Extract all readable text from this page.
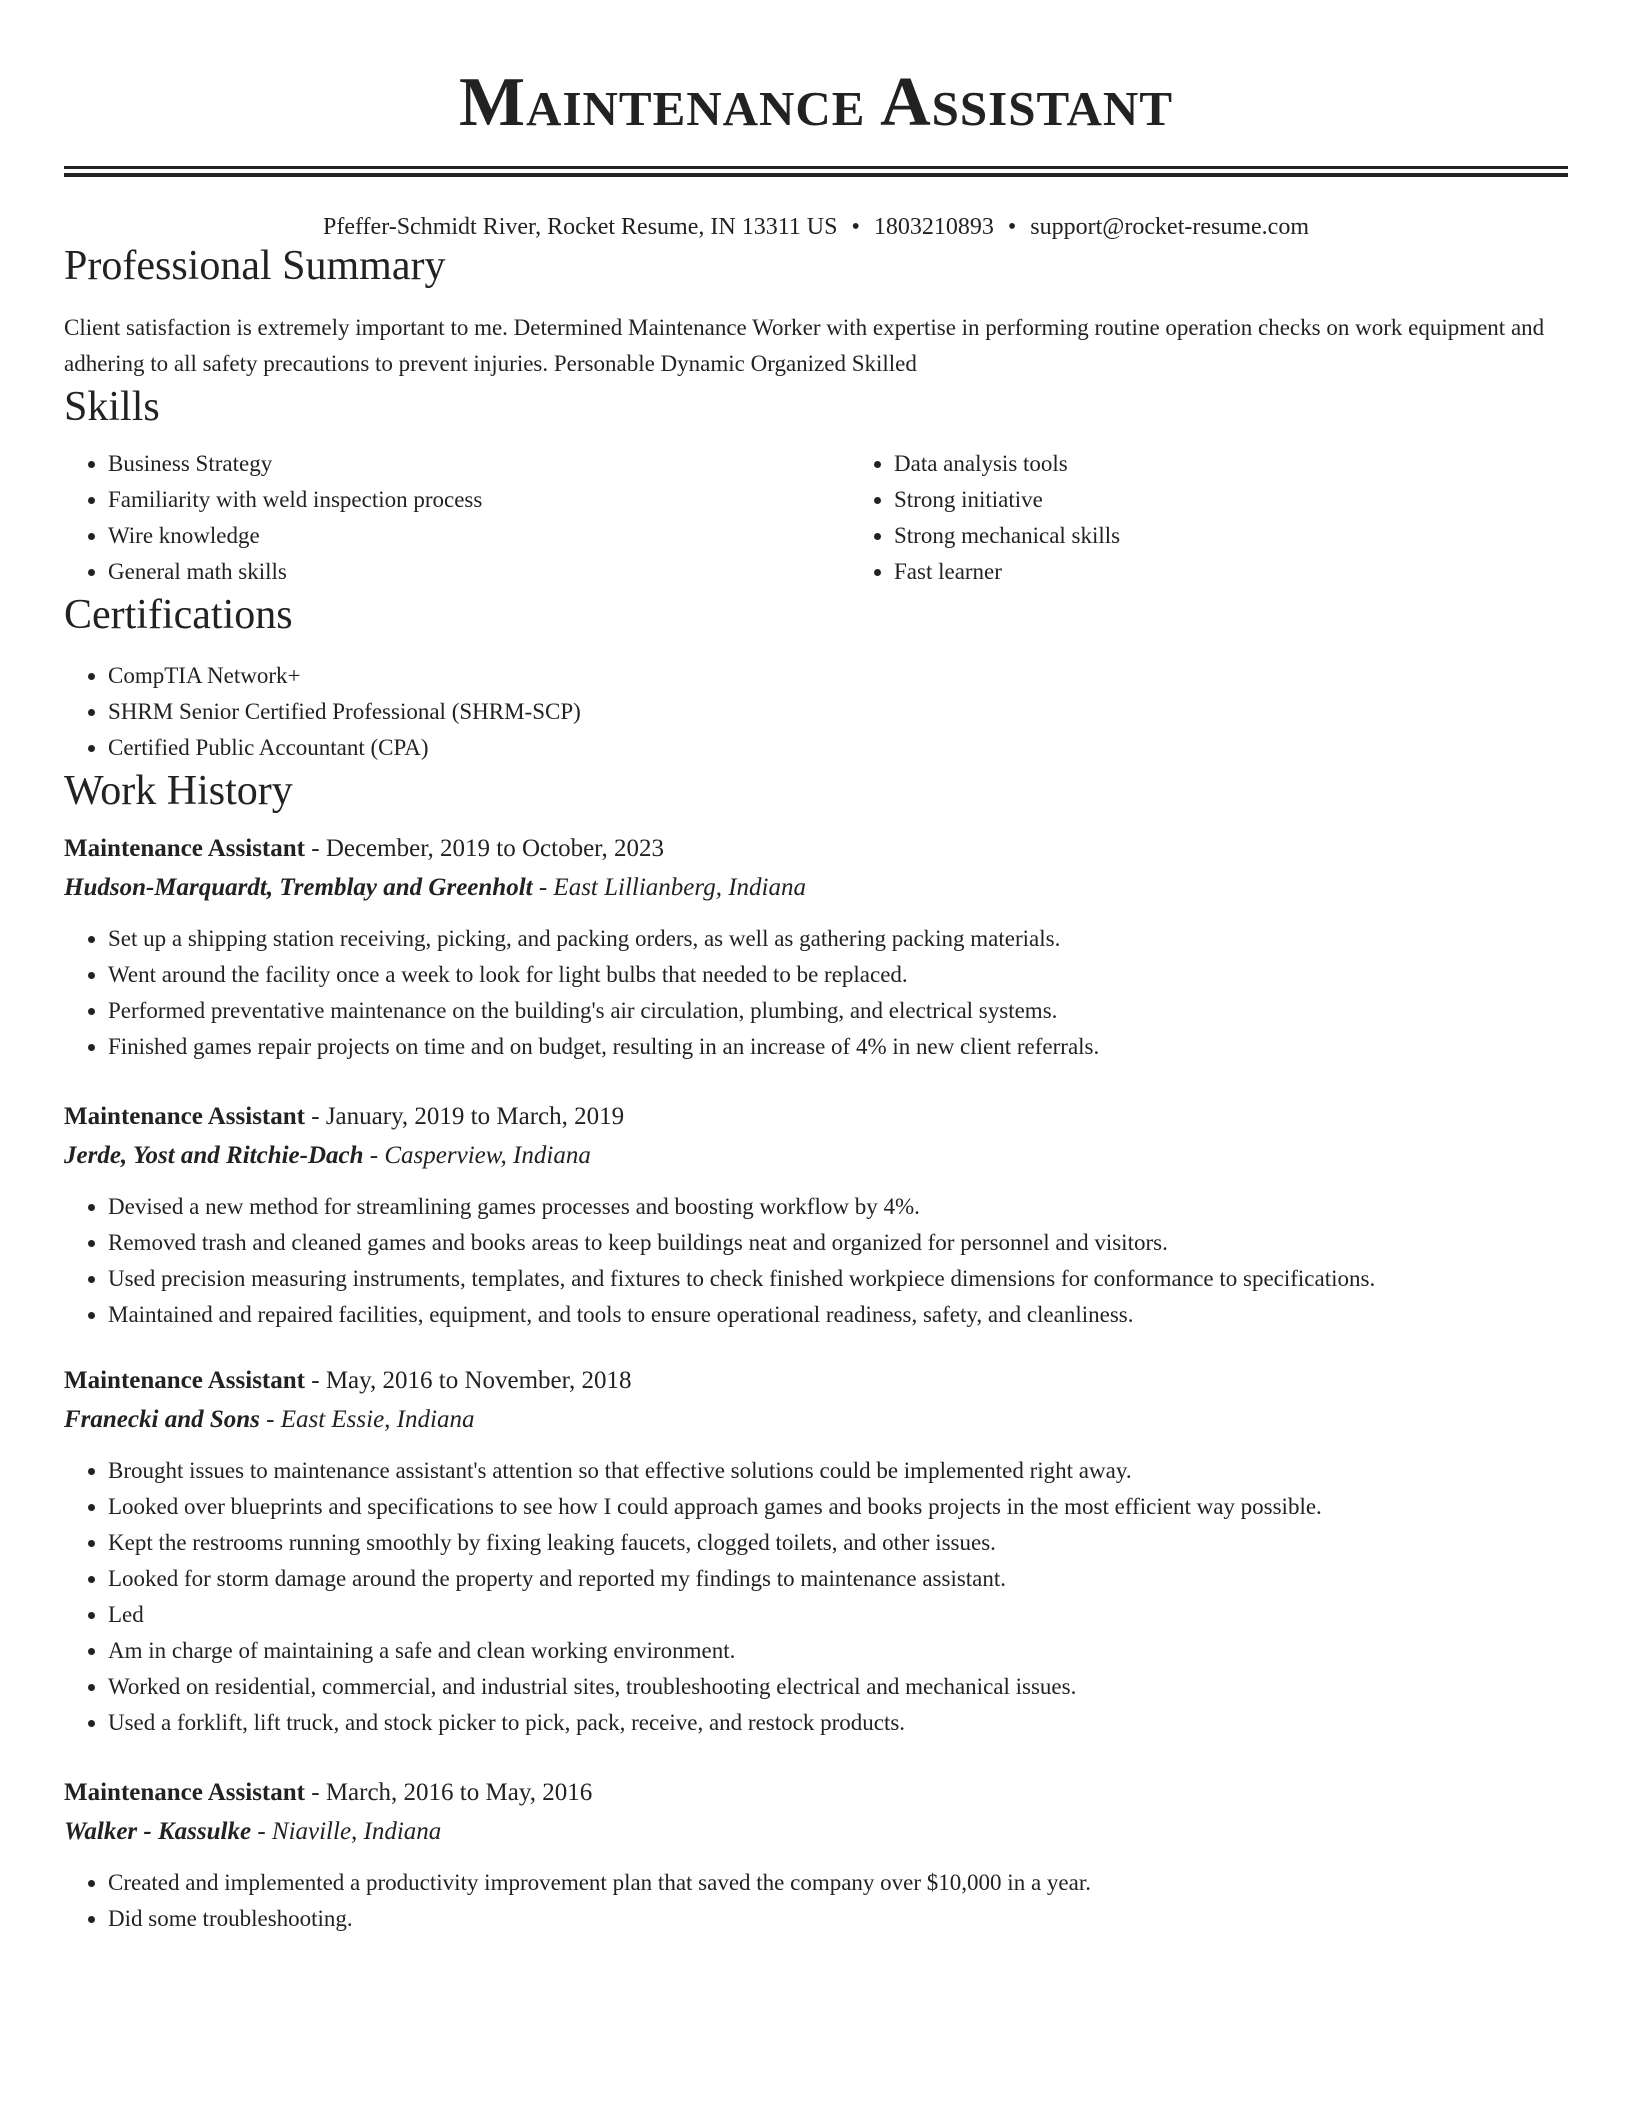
Maintenance Assistant
Pfeffer-Schmidt River, Rocket Resume, IN 13311 US • 1803210893 • support@rocket-resume.com
Professional Summary

Client satisfaction is extremely important to me. Determined Maintenance Worker with expertise in performing routine operation checks on work equipment and adhering to all safety precautions to prevent injuries. Personable Dynamic Organized Skilled

Skills
• Business Strategy
• Familiarity with weld inspection process
• Wire knowledge
• General math skills
• Data analysis tools
• Strong initiative
• Strong mechanical skills
• Fast learner
Certifications
• CompTIA Network+
• SHRM Senior Certified Professional (SHRM-SCP)
• Certified Public Accountant (CPA)
Work History
Maintenance Assistant - December, 2019 to October, 2023
Hudson-Marquardt, Tremblay and Greenholt - East Lillianberg, Indiana
• Set up a shipping station receiving, picking, and packing orders, as well as gathering packing materials.
• Went around the facility once a week to look for light bulbs that needed to be replaced.
• Performed preventative maintenance on the building's air circulation, plumbing, and electrical systems.
• Finished games repair projects on time and on budget, resulting in an increase of 4% in new client referrals.
Maintenance Assistant - January, 2019 to March, 2019
Jerde, Yost and Ritchie-Dach - Casperview, Indiana
• Devised a new method for streamlining games processes and boosting workflow by 4%.
• Removed trash and cleaned games and books areas to keep buildings neat and organized for personnel and visitors.
• Used precision measuring instruments, templates, and fixtures to check finished workpiece dimensions for conformance to specifications.
• Maintained and repaired facilities, equipment, and tools to ensure operational readiness, safety, and cleanliness.
Maintenance Assistant - May, 2016 to November, 2018
Franecki and Sons - East Essie, Indiana
• Brought issues to maintenance assistant's attention so that effective solutions could be implemented right away.
• Looked over blueprints and specifications to see how I could approach games and books projects in the most efficient way possible.
• Kept the restrooms running smoothly by fixing leaking faucets, clogged toilets, and other issues.
• Looked for storm damage around the property and reported my findings to maintenance assistant.
• Led
• Am in charge of maintaining a safe and clean working environment.
• Worked on residential, commercial, and industrial sites, troubleshooting electrical and mechanical issues.
• Used a forklift, lift truck, and stock picker to pick, pack, receive, and restock products.
Maintenance Assistant - March, 2016 to May, 2016
Walker - Kassulke - Niaville, Indiana
• Created and implemented a productivity improvement plan that saved the company over $10,000 in a year.
• Did some troubleshooting.
